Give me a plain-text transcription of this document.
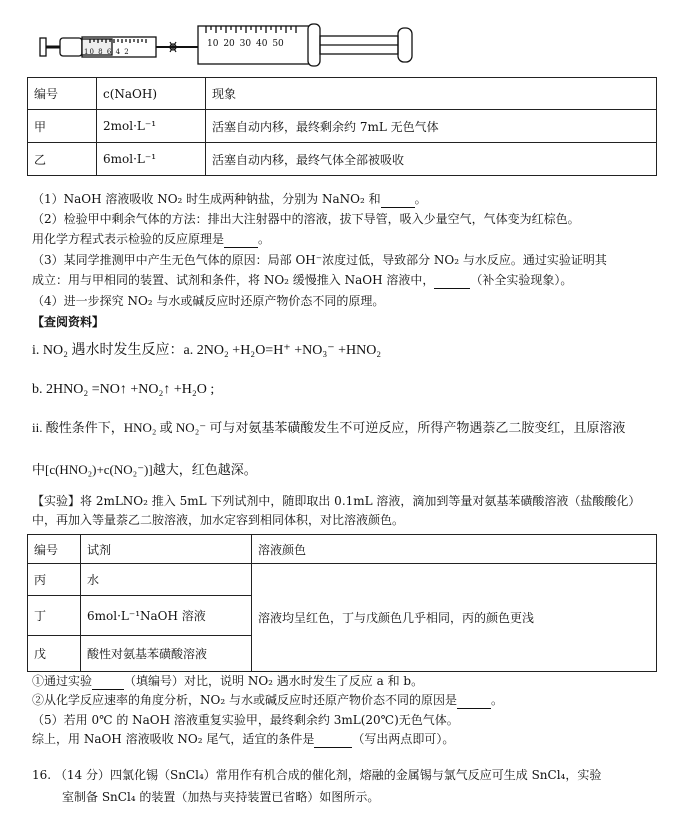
10 8 6 4 2
10 20 30 40 50
编号	c(NaOH)	现象
甲	2mol·L⁻¹	活塞自动内移，最终剩余约 7mL 无色气体
乙	6mol·L⁻¹	活塞自动内移，最终气体全部被吸收
（1）NaOH 溶液吸收 NO₂ 时生成两种钠盐，分别为 NaNO₂ 和	。
（2）检验甲中剩余气体的方法：排出大注射器中的溶液，拔下导管，吸入少量空气，气体变为红棕色。
用化学方程式表示检验的反应原理是	。
（3）某同学推测甲中产生无色气体的原因：局部 OH⁻浓度过低，导致部分 NO₂ 与水反应。通过实验证明其
成立：用与甲相同的装置、试剂和条件，将 NO₂ 缓慢推入 NaOH 溶液中，	（补全实验现象）。
（4）进一步探究 NO₂ 与水或碱反应时还原产物价态不同的原理。
【查阅资料】
i. NO₂ 遇水时发生反应：a. 2NO₂ +H₂O=H⁺ +NO₃⁻ +HNO₂
b. 2HNO₂ =NO↑ +NO₂↑ +H₂O ;
ii. 酸性条件下，HNO₂ 或 NO₂⁻ 可与对氨基苯磺酸发生不可逆反应，所得产物遇萘乙二胺变红，且原溶液
中[c(HNO₂)+c(NO₂⁻)]越大，红色越深。
【实验】将 2mLNO₂ 推入 5mL 下列试剂中，随即取出 0.1mL 溶液，滴加到等量对氨基苯磺酸溶液（盐酸酸化）
中，再加入等量萘乙二胺溶液，加水定容到相同体积，对比溶液颜色。
编号	试剂	溶液颜色
丙	水	溶液均呈红色，丁与戊颜色几乎相同，丙的颜色更浅
丁	6mol·L⁻¹NaOH 溶液	
戊	酸性对氨基苯磺酸溶液	
①通过实验	（填编号）对比，说明 NO₂ 遇水时发生了反应 a 和 b。
②从化学反应速率的角度分析，NO₂ 与水或碱反应时还原产物价态不同的原因是	。
（5）若用 0℃ 的 NaOH 溶液重复实验甲，最终剩余约 3mL(20℃)无色气体。
综上，用 NaOH 溶液吸收 NO₂ 尾气，适宜的条件是	（写出两点即可）。
16. （14 分）四氯化锡（SnCl₄）常用作有机合成的催化剂，熔融的金属锡与氯气反应可生成 SnCl₄，实验
室制备 SnCl₄ 的装置（加热与夹持装置已省略）如图所示。
